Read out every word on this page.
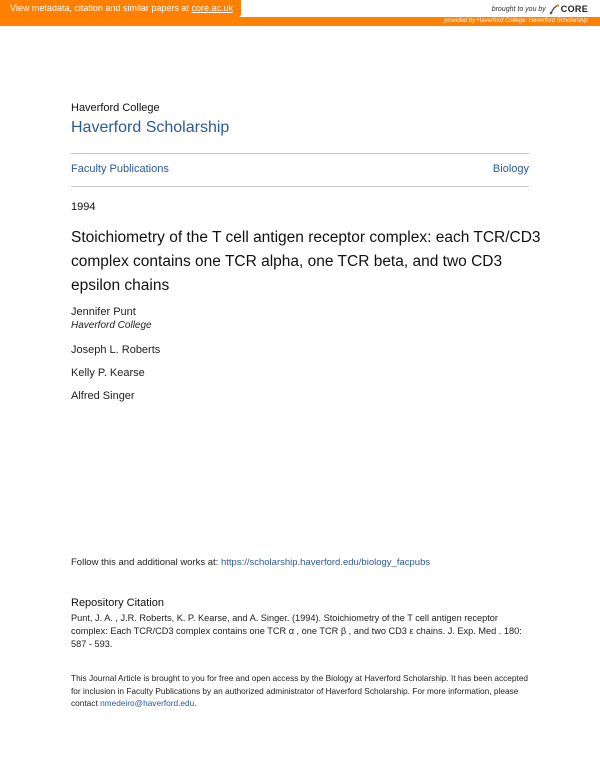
View metadata, citation and similar papers at core.ac.uk	brought to you by CORE
provided by Haverford College: Haverford Scholarship
Haverford College
Haverford Scholarship
Faculty Publications	Biology
1994
Stoichiometry of the T cell antigen receptor complex: each TCR/CD3 complex contains one TCR alpha, one TCR beta, and two CD3 epsilon chains
Jennifer Punt
Haverford College
Joseph L. Roberts
Kelly P. Kearse
Alfred Singer
Follow this and additional works at: https://scholarship.haverford.edu/biology_facpubs
Repository Citation
Punt, J. A. , J.R. Roberts, K. P. Kearse, and A. Singer. (1994). Stoichiometry of the T cell antigen receptor complex: Each TCR/CD3 complex contains one TCR α , one TCR β , and two CD3 ε chains. J. Exp. Med . 180: 587 - 593.
This Journal Article is brought to you for free and open access by the Biology at Haverford Scholarship. It has been accepted for inclusion in Faculty Publications by an authorized administrator of Haverford Scholarship. For more information, please contact nmedeiro@haverford.edu.
